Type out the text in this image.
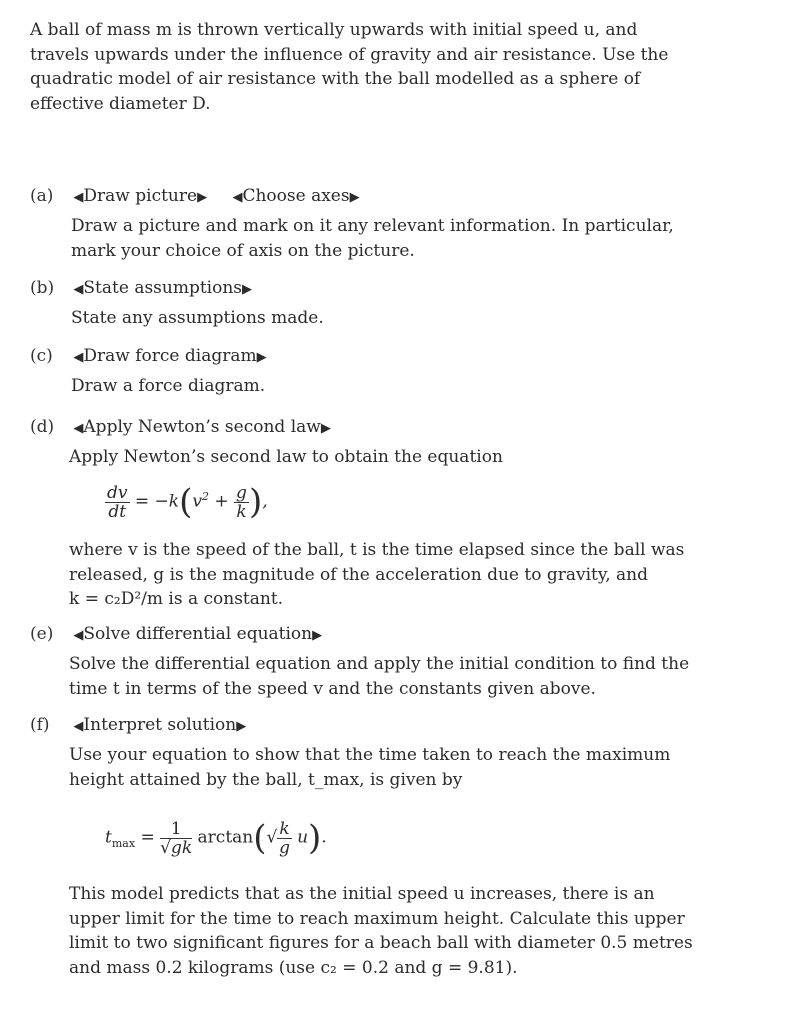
A ball of mass m is thrown vertically upwards with initial speed u, and
travels upwards under the influence of gravity and air resistance. Use the
quadratic model of air resistance with the ball modelled as a sphere of
effective diameter D.
(a) ◀Draw picture▶ ◀Choose axes▶
Draw a picture and mark on it any relevant information. In particular,
mark your choice of axis on the picture.
(b) ◀State assumptions▶
State any assumptions made.
(c) ◀Draw force diagram▶
Draw a force diagram.
(d) ◀Apply Newton’s second law▶
Apply Newton’s second law to obtain the equation
$\frac{dv}{dt} = -k(v^2 + \frac{g}{k}$ ),
where v is the speed of the ball, t is the time elapsed since the ball was
released, g is the magnitude of the acceleration due to gravity, and
k = c₂D²/m is a constant.
(e) ◀Solve differential equation▶
Solve the differential equation and apply the initial condition to find the
time t in terms of the speed v and the constants given above.
(f) ◀Interpret solution▶
Use your equation to show that the time taken to reach the maximum
height attained by the ball, t_max, is given by
$t_{max} = \frac{1}{√gk} \arctan(√ \frac{k}{g} u)$.
This model predicts that as the initial speed u increases, there is an
upper limit for the time to reach maximum height. Calculate this upper
limit to two significant figures for a beach ball with diameter 0.5 metres
and mass 0.2 kilograms (use c₂ = 0.2 and g = 9.81).
